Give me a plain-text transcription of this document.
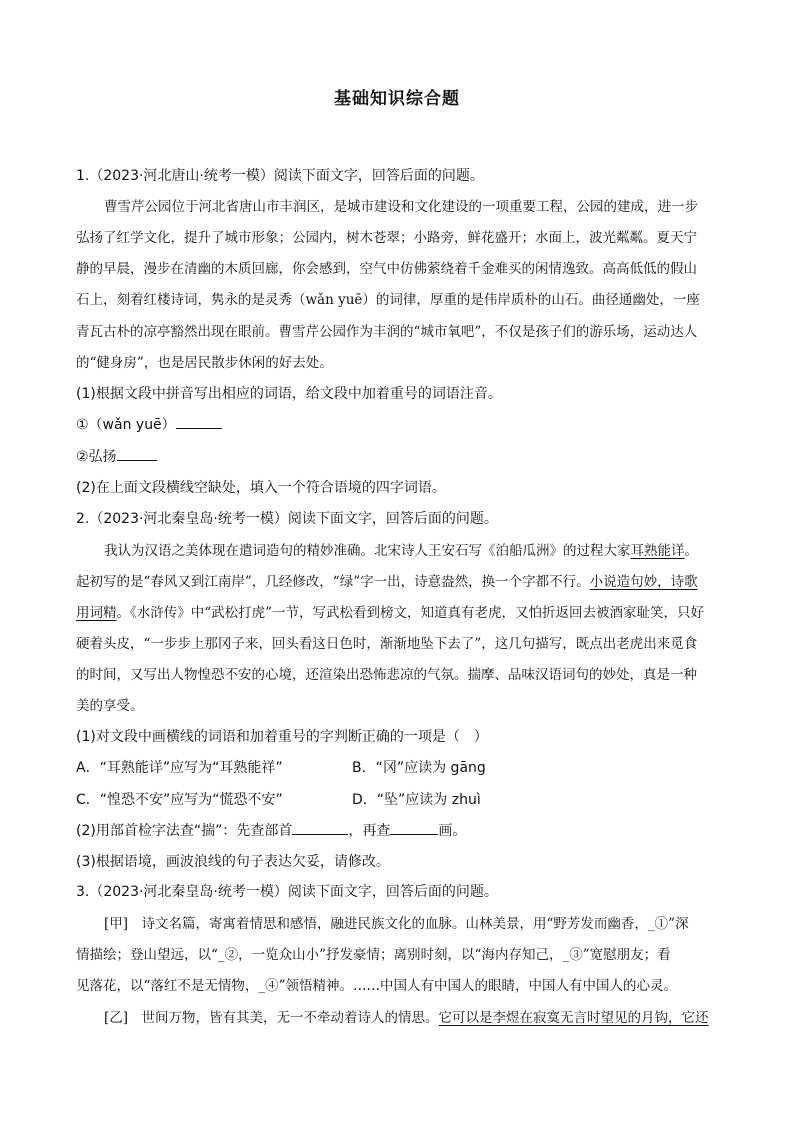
基础知识综合题
1.（2023·河北唐山·统考一模）阅读下面文字，回答后面的问题。
曹雪芹公园位于河北省唐山市丰润区，是城市建设和文化建设的一项重要工程，公园的建成，进一步
弘扬了红学文化，提升了城市形象；公园内，树木苍翠；小路旁，鲜花盛开；水面上，波光粼粼。夏天宁
静的早晨，漫步在清幽的木质回廊，你会感到，空气中仿佛萦绕着千金难买的闲情逸致。高高低低的假山
石上，刻着红楼诗词，隽永的是灵秀（wǎn yuē）的词律，厚重的是伟岸质朴的山石。曲径通幽处，一座
青瓦古朴的凉亭豁然出现在眼前。曹雪芹公园作为丰润的“城市氧吧”，不仅是孩子们的游乐场，运动达人
的“健身房”，也是居民散步休闲的好去处。
(1)根据文段中拼音写出相应的词语，给文段中加着重号的词语注音。
①（wǎn yuē）
②弘扬
(2)在上面文段横线空缺处，填入一个符合语境的四字词语。
2.（2023·河北秦皇岛·统考一模）阅读下面文字，回答后面的问题。
我认为汉语之美体现在遣词造句的精妙准确。北宋诗人王安石写《泊船瓜洲》的过程大家耳熟能详。
起初写的是“春风又到江南岸”，几经修改，“绿”字一出，诗意盎然，换一个字都不行。小说造句妙，诗歌
用词精。《水浒传》中“武松打虎”一节，写武松看到榜文，知道真有老虎，又怕折返回去被酒家耻笑，只好
硬着头皮，“一步步上那冈子来，回头看这日色时，渐渐地坠下去了”，这几句描写，既点出老虎出来觅食
的时间，又写出人物惶恐不安的心境，还渲染出恐怖悲凉的气氛。揣摩、品味汉语词句的妙处，真是一种
美的享受。
(1)对文段中画横线的词语和加着重号的字判断正确的一项是（　）
A．“耳熟能详”应写为“耳熟能祥”	B．“冈”应读为 gāng
C．“惶恐不安”应写为“慌恐不安”	D．“坠”应读为 zhuì
(2)用部首检字法查“揣”：先查部首	，再查	画。
(3)根据语境，画波浪线的句子表达欠妥，请修改。
3.（2023·河北秦皇岛·统考一模）阅读下面文字，回答后面的问题。
[甲]　诗文名篇，寄寓着情思和感悟，融进民族文化的血脉。山林美景，用“野芳发而幽香，_①”深
情描绘；登山望远，以“_②，一览众山小”抒发豪情；离别时刻，以“海内存知己，_③”宽慰朋友；看
见落花，以“落红不是无情物，_④”领悟精神。……中国人有中国人的眼睛，中国人有中国人的心灵。
[乙]　世间万物，皆有其美，无一不牵动着诗人的情思。它可以是李煜在寂寞无言时望见的月钩，它还
